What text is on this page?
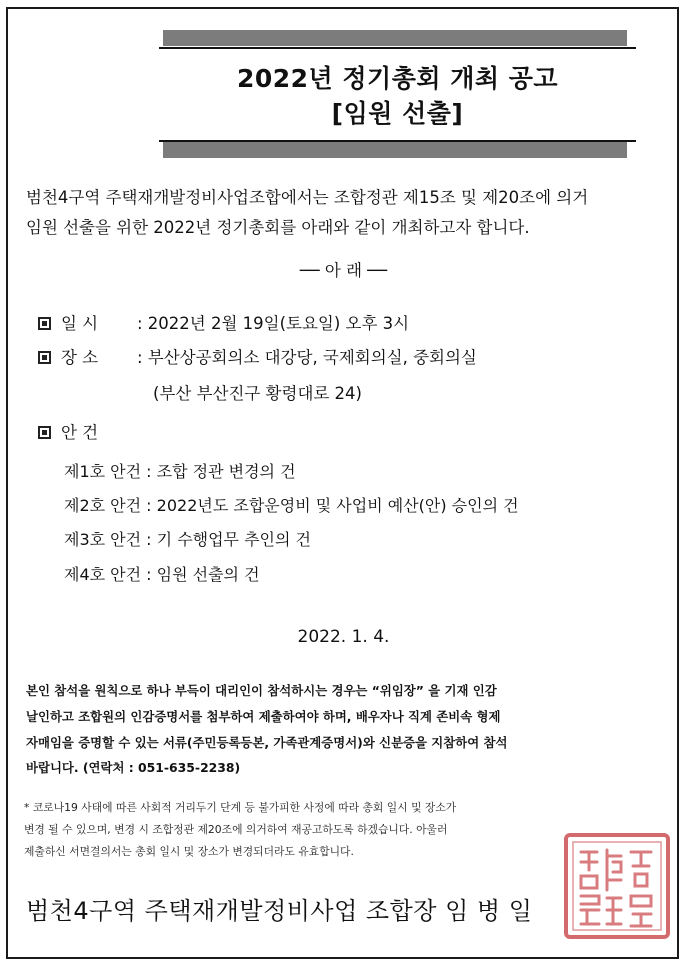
2022년 정기총회 개최 공고
[임원 선출]
범천4구역 주택재개발정비사업조합에서는 조합정관 제15조 및 제20조에 의거
임원 선출을 위한 2022년 정기총회를 아래와 같이 개최하고자 합니다.
── 아 래 ──
일 시 : 2022년 2월 19일(토요일) 오후 3시
장 소 : 부산상공회의소 대강당, 국제회의실, 중회의실
(부산 부산진구 황령대로 24)
안 건
제1호 안건 : 조합 정관 변경의 건
제2호 안건 : 2022년도 조합운영비 및 사업비 예산(안) 승인의 건
제3호 안건 : 기 수행업무 추인의 건
제4호 안건 : 임원 선출의 건
2022. 1. 4.
본인 참석을 원칙으로 하나 부득이 대리인이 참석하시는 경우는 “위임장” 을 기재 인감
날인하고 조합원의 인감증명서를 첨부하여 제출하여야 하며, 배우자나 직계 존비속 형제
자매임을 증명할 수 있는 서류(주민등록등본, 가족관계증명서)와 신분증을 지참하여 참석
바랍니다. (연락처 : 051-635-2238)
* 코로나19 사태에 따른 사회적 거리두기 단계 등 불가피한 사정에 따라 총회 일시 및 장소가
변경 될 수 있으며, 변경 시 조합정관 제20조에 의거하여 재공고하도록 하겠습니다. 아울러
제출하신 서면결의서는 총회 일시 및 장소가 변경되더라도 유효합니다.
범천4구역 주택재개발정비사업 조합장 임 병 일
